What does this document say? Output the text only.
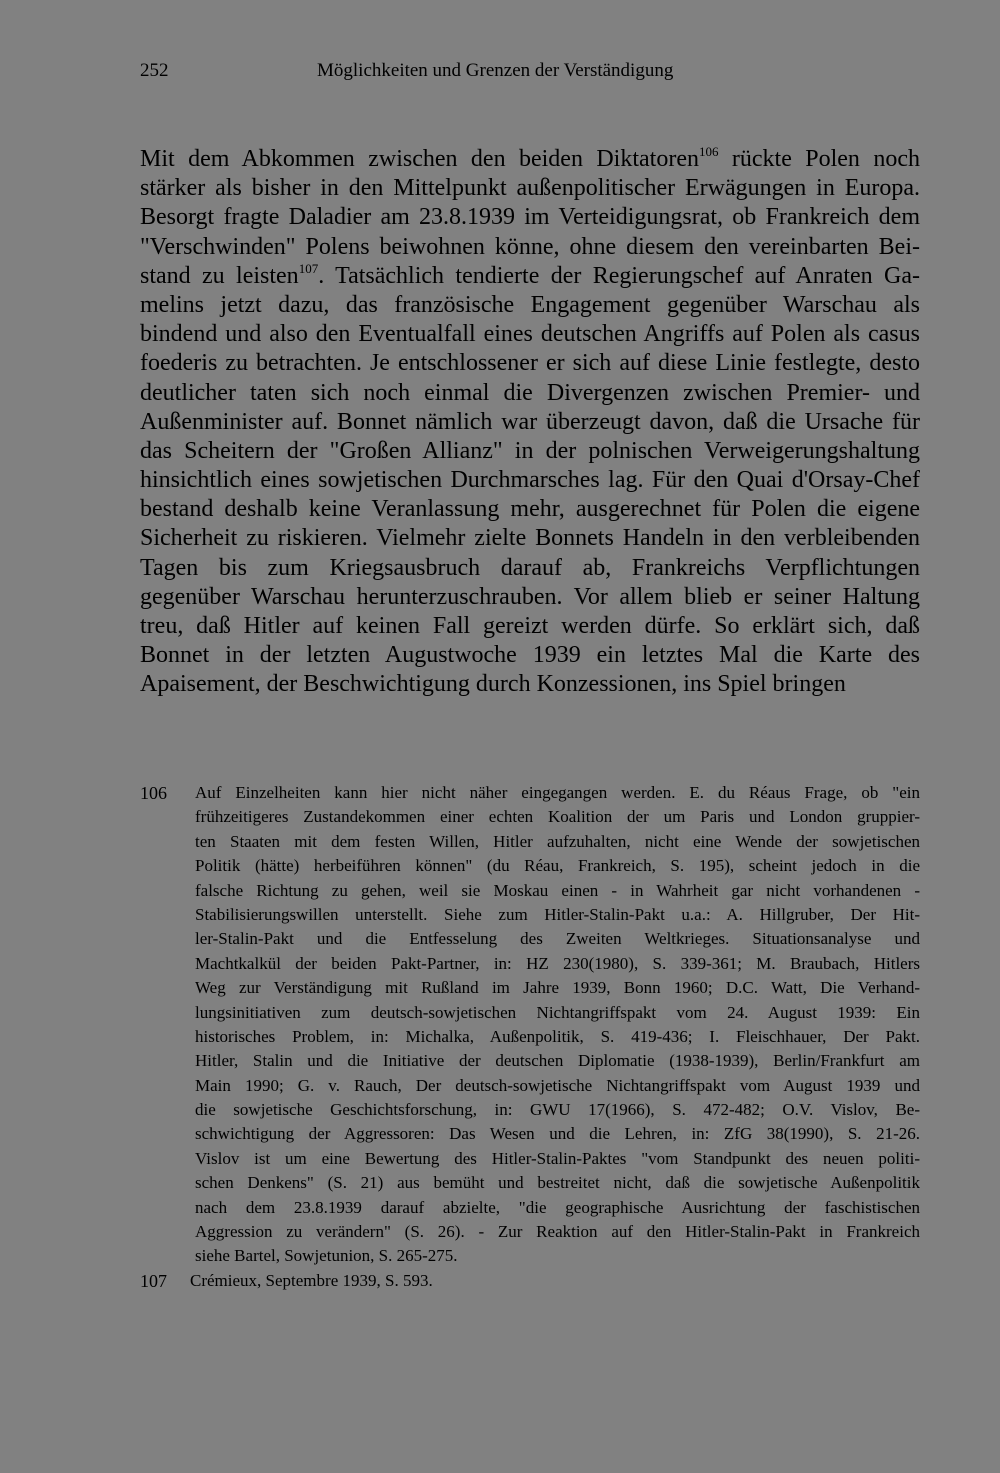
252	Möglichkeiten und Grenzen der Verständigung
Mit dem Abkommen zwischen den beiden Diktatoren$^{106}$ rückte Polen noch
stärker als bisher in den Mittelpunkt außenpolitischer Erwägungen in Europa.
Besorgt fragte Daladier am 23.8.1939 im Verteidigungsrat, ob Frankreich dem
"Verschwinden" Polens beiwohnen könne, ohne diesem den vereinbarten Bei-
stand zu leisten$^{107}$. Tatsächlich tendierte der Regierungschef auf Anraten Ga-
melins jetzt dazu, das französische Engagement gegenüber Warschau als
bindend und also den Eventualfall eines deutschen Angriffs auf Polen als casus
foederis zu betrachten. Je entschlossener er sich auf diese Linie festlegte, desto
deutlicher taten sich noch einmal die Divergenzen zwischen Premier- und
Außenminister auf. Bonnet nämlich war überzeugt davon, daß die Ursache für
das Scheitern der "Großen Allianz" in der polnischen Verweigerungshaltung
hinsichtlich eines sowjetischen Durchmarsches lag. Für den Quai d'Orsay-Chef
bestand deshalb keine Veranlassung mehr, ausgerechnet für Polen die eigene
Sicherheit zu riskieren. Vielmehr zielte Bonnets Handeln in den verbleibenden
Tagen bis zum Kriegsausbruch darauf ab, Frankreichs Verpflichtungen
gegenüber Warschau herunterzuschrauben. Vor allem blieb er seiner Haltung
treu, daß Hitler auf keinen Fall gereizt werden dürfe. So erklärt sich, daß
Bonnet in der letzten Augustwoche 1939 ein letztes Mal die Karte des
Apaisement, der Beschwichtigung durch Konzessionen, ins Spiel bringen
106 Auf Einzelheiten kann hier nicht näher eingegangen werden. E. du Réaus Frage, ob "ein
frühzeitigeres Zustandekommen einer echten Koalition der um Paris und London gruppier-
ten Staaten mit dem festen Willen, Hitler aufzuhalten, nicht eine Wende der sowjetischen
Politik (hätte) herbeiführen können" (du Réau, Frankreich, S. 195), scheint jedoch in die
falsche Richtung zu gehen, weil sie Moskau einen - in Wahrheit gar nicht vorhandenen -
Stabilisierungswillen unterstellt. Siehe zum Hitler-Stalin-Pakt u.a.: A. Hillgruber, Der Hit-
ler-Stalin-Pakt und die Entfesselung des Zweiten Weltkrieges. Situationsanalyse und
Machtkalkül der beiden Pakt-Partner, in: HZ 230(1980), S. 339-361; M. Braubach, Hitlers
Weg zur Verständigung mit Rußland im Jahre 1939, Bonn 1960; D.C. Watt, Die Verhand-
lungsinitiativen zum deutsch-sowjetischen Nichtangriffspakt vom 24. August 1939: Ein
historisches Problem, in: Michalka, Außenpolitik, S. 419-436; I. Fleischhauer, Der Pakt.
Hitler, Stalin und die Initiative der deutschen Diplomatie (1938-1939), Berlin/Frankfurt am
Main 1990; G. v. Rauch, Der deutsch-sowjetische Nichtangriffspakt vom August 1939 und
die sowjetische Geschichtsforschung, in: GWU 17(1966), S. 472-482; O.V. Vislov, Be-
schwichtigung der Aggressoren: Das Wesen und die Lehren, in: ZfG 38(1990), S. 21-26.
Vislov ist um eine Bewertung des Hitler-Stalin-Paktes "vom Standpunkt des neuen politi-
schen Denkens" (S. 21) aus bemüht und bestreitet nicht, daß die sowjetische Außenpolitik
nach dem 23.8.1939 darauf abzielte, "die geographische Ausrichtung der faschistischen
Aggression zu verändern" (S. 26). - Zur Reaktion auf den Hitler-Stalin-Pakt in Frankreich
siehe Bartel, Sowjetunion, S. 265-275.
107 Crémieux, Septembre 1939, S. 593.
